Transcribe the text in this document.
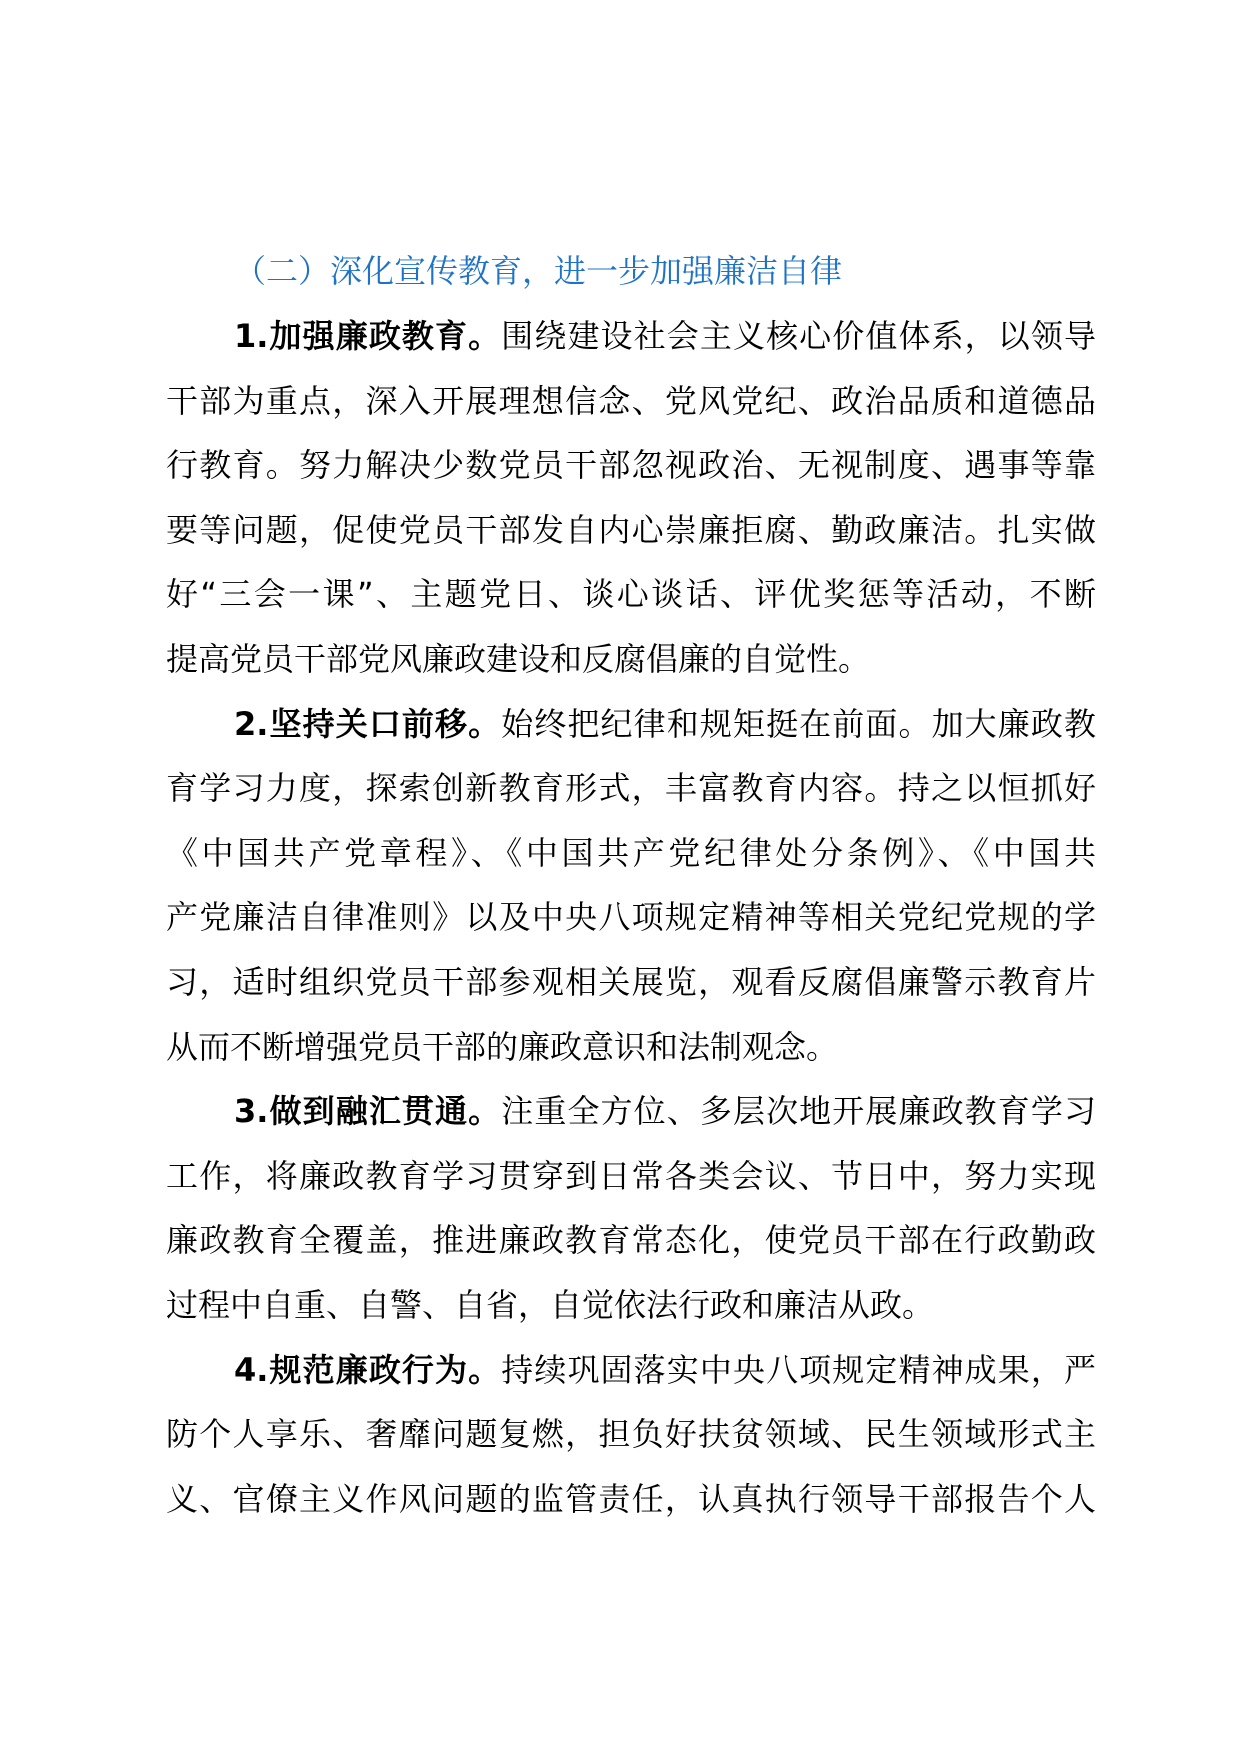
（二）深化宣传教育，进一步加强廉洁自律

1.加强廉政教育。围绕建设社会主义核心价值体系，以领导
干部为重点，深入开展理想信念、党风党纪、政治品质和道德品
行教育。努力解决少数党员干部忽视政治、无视制度、遇事等靠
要等问题，促使党员干部发自内心崇廉拒腐、勤政廉洁。扎实做
好“三会一课”、主题党日、谈心谈话、评优奖惩等活动，不断
提高党员干部党风廉政建设和反腐倡廉的自觉性。
2.坚持关口前移。始终把纪律和规矩挺在前面。加大廉政教
育学习力度，探索创新教育形式，丰富教育内容。持之以恒抓好
《中国共产党章程》、《中国共产党纪律处分条例》、《中国共
产党廉洁自律准则》以及中央八项规定精神等相关党纪党规的学
习，适时组织党员干部参观相关展览，观看反腐倡廉警示教育片
从而不断增强党员干部的廉政意识和法制观念。
3.做到融汇贯通。注重全方位、多层次地开展廉政教育学习
工作，将廉政教育学习贯穿到日常各类会议、节日中，努力实现
廉政教育全覆盖，推进廉政教育常态化，使党员干部在行政勤政
过程中自重、自警、自省，自觉依法行政和廉洁从政。
4.规范廉政行为。持续巩固落实中央八项规定精神成果，严
防个人享乐、奢靡问题复燃，担负好扶贫领域、民生领域形式主
义、官僚主义作风问题的监管责任，认真执行领导干部报告个人
